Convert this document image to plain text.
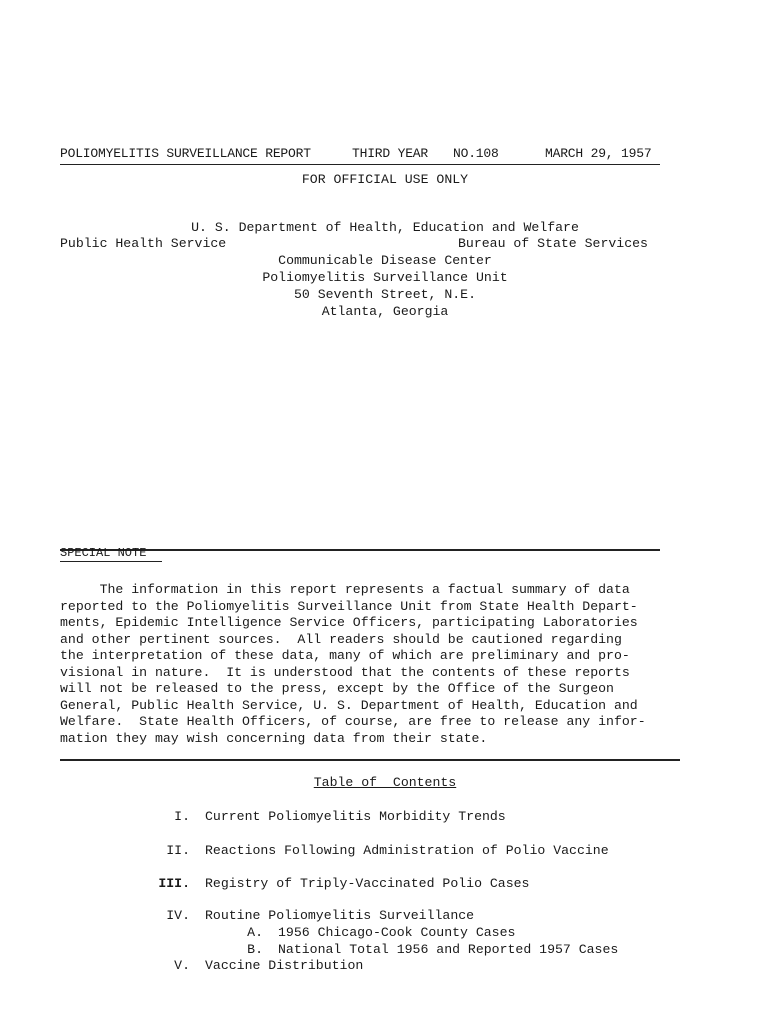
POLIOMYELITIS SURVEILLANCE REPORT	THIRD YEAR NO.108	MARCH 29, 1957
FOR OFFICIAL USE ONLY
U. S. Department of Health, Education and Welfare
Public Health Service	Bureau of State Services
Communicable Disease Center
Poliomyelitis Surveillance Unit
50 Seventh Street, N.E.
Atlanta, Georgia
SPECIAL NOTE
The information in this report represents a factual summary of data
reported to the Poliomyelitis Surveillance Unit from State Health Depart-
ments, Epidemic Intelligence Service Officers, participating Laboratories
and other pertinent sources.  All readers should be cautioned regarding
the interpretation of these data, many of which are preliminary and pro-
visional in nature.  It is understood that the contents of these reports
will not be released to the press, except by the Office of the Surgeon
General, Public Health Service, U. S. Department of Health, Education and
Welfare.  State Health Officers, of course, are free to release any infor-
mation they may wish concerning data from their state.
Table of  Contents
I. Current Poliomyelitis Morbidity Trends
II. Reactions Following Administration of Polio Vaccine
III. Registry of Triply-Vaccinated Polio Cases
IV. Routine Poliomyelitis Surveillance
A. 1956 Chicago-Cook County Cases
B. National Total 1956 and Reported 1957 Cases
V. Vaccine Distribution
